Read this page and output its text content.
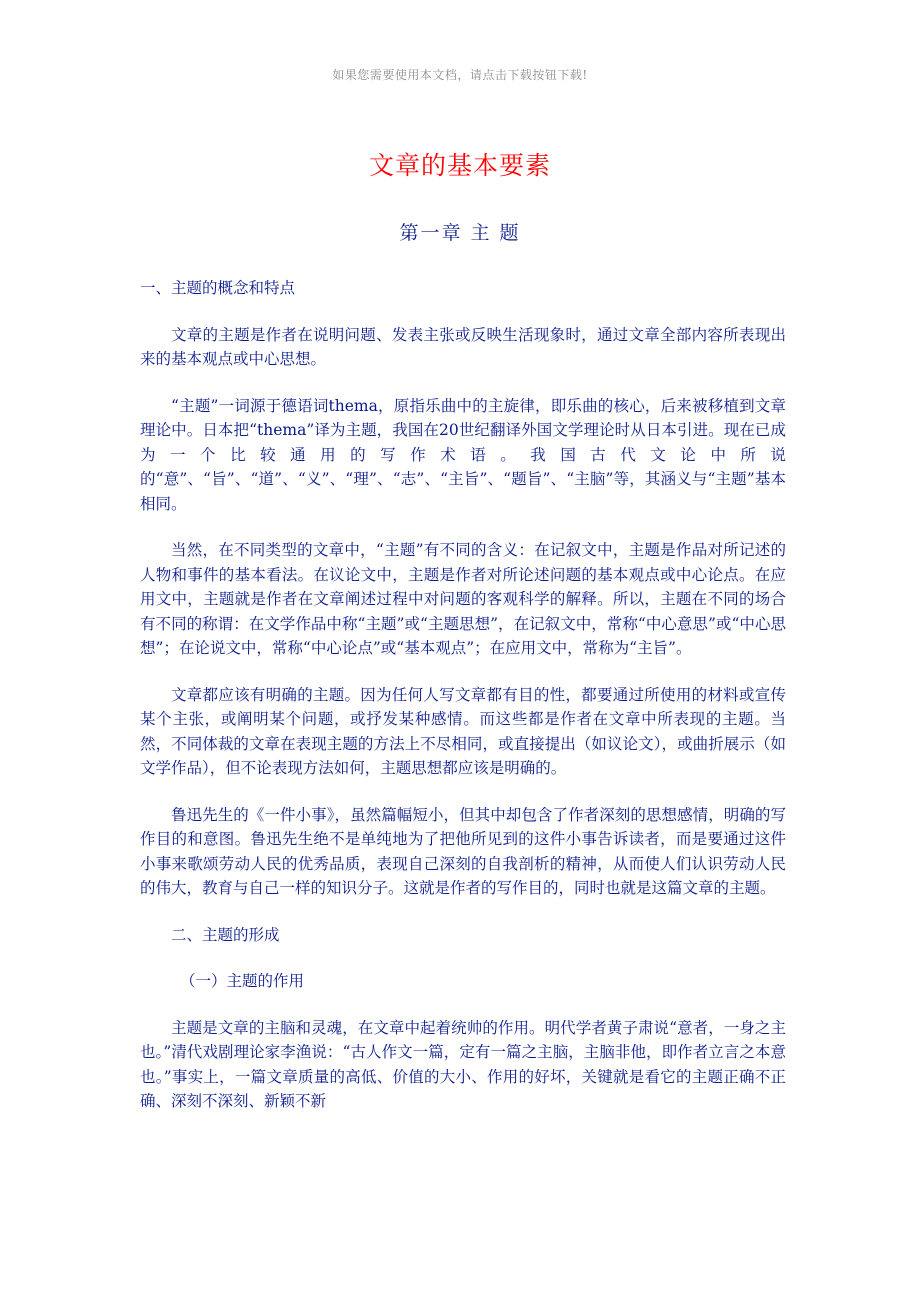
如果您需要使用本文档，请点击下载按钮下载!
文章的基本要素
第一章 主 题
一、主题的概念和特点

文章的主题是作者在说明问题、发表主张或反映生活现象时，通过文章全部内容所表现出来的基本观点或中心思想。

“主题”一词源于德语词thema，原指乐曲中的主旋律，即乐曲的核心，后来被移植到文章理论中。日本把“thema”译为主题，我国在20世纪翻译外国文学理论时从日本引进。现在已成为一个比较通用的写作术语。我国古代文论中所说的“意”、“旨”、“道”、“义”、“理”、“志”、“主旨”、“题旨”、“主脑”等，其涵义与“主题”基本相同。

当然，在不同类型的文章中，“主题”有不同的含义：在记叙文中，主题是作品对所记述的人物和事件的基本看法。在议论文中，主题是作者对所论述问题的基本观点或中心论点。在应用文中，主题就是作者在文章阐述过程中对问题的客观科学的解释。所以，主题在不同的场合有不同的称谓：在文学作品中称“主题”或“主题思想”，在记叙文中，常称“中心意思”或“中心思想”；在论说文中，常称“中心论点”或“基本观点”；在应用文中，常称为“主旨”。

文章都应该有明确的主题。因为任何人写文章都有目的性，都要通过所使用的材料或宣传某个主张，或阐明某个问题，或抒发某种感情。而这些都是作者在文章中所表现的主题。当然，不同体裁的文章在表现主题的方法上不尽相同，或直接提出（如议论文），或曲折展示（如文学作品），但不论表现方法如何，主题思想都应该是明确的。

鲁迅先生的《一件小事》，虽然篇幅短小，但其中却包含了作者深刻的思想感情，明确的写作目的和意图。鲁迅先生绝不是单纯地为了把他所见到的这件小事告诉读者，而是要通过这件小事来歌颂劳动人民的优秀品质，表现自己深刻的自我剖析的精神，从而使人们认识劳动人民的伟大，教育与自己一样的知识分子。这就是作者的写作目的，同时也就是这篇文章的主题。

二、主题的形成
（一）主题的作用

主题是文章的主脑和灵魂，在文章中起着统帅的作用。明代学者黄子肃说“意者，一身之主也。”清代戏剧理论家李渔说：“古人作文一篇，定有一篇之主脑，主脑非他，即作者立言之本意也。”事实上，一篇文章质量的高低、价值的大小、作用的好坏，关键就是看它的主题正确不正确、深刻不深刻、新颖不新
